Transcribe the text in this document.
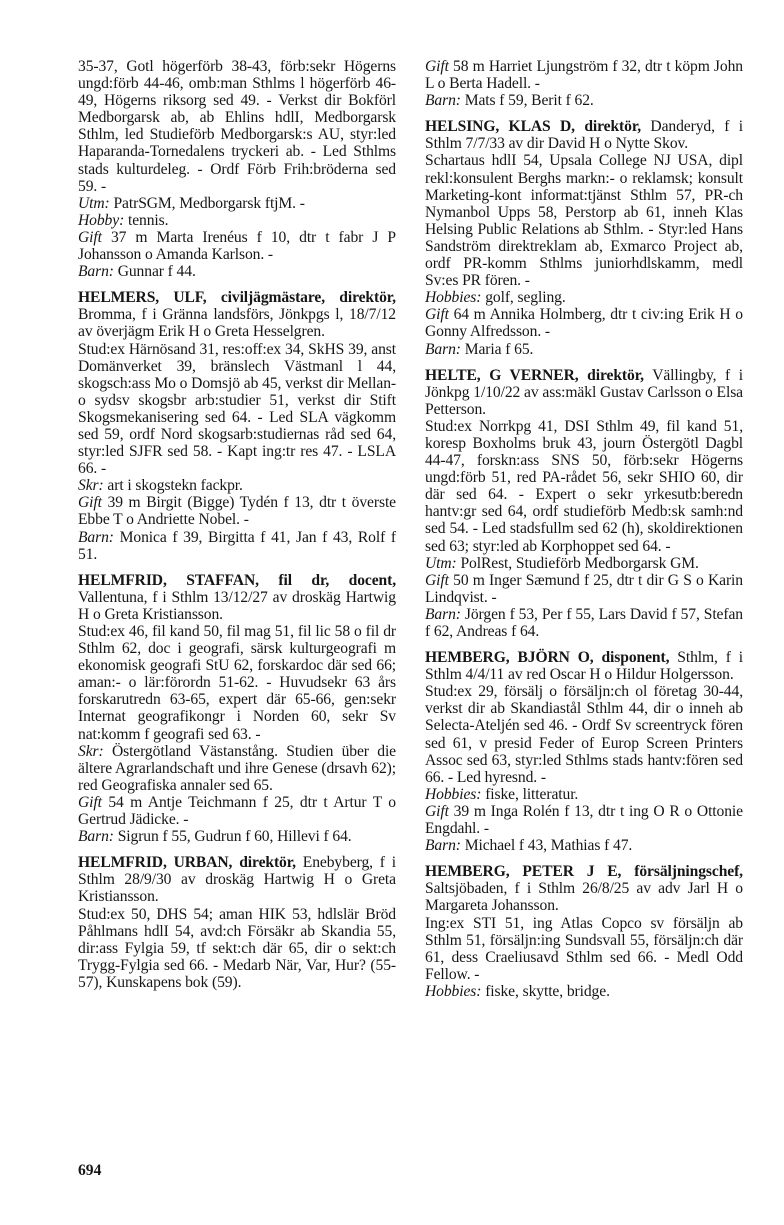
35-37, Gotl högerförb 38-43, förb:sekr Högerns ungd:förb 44-46, omb:man Sthlms l högerförb 46-49, Högerns riksorg sed 49. - Verkst dir Bokförl Medborgarsk ab, ab Ehlins hdlI, Medborgarsk Sthlm, led Studieförb Medborgarsk:s AU, styr:led Haparanda-Tornedalens tryckeri ab. - Led Sthlms stads kulturdeleg. - Ordf Förb Frih:bröderna sed 59. -
Utm: PatrSGM, Medborgarsk ftjM. -
Hobby: tennis.
Gift 37 m Marta Irenéus f 10, dtr t fabr J P Johansson o Amanda Karlson. -
Barn: Gunnar f 44.
HELMERS, ULF, civiljägmästare, direktör, Bromma, f i Gränna landsförs, Jönkpgs l, 18/7/12 av överjägm Erik H o Greta Hesselgren.
Stud:ex Härnösand 31, res:off:ex 34, SkHS 39, anst Domänverket 39, bränslech Västmanl l 44, skogsch:ass Mo o Domsjö ab 45, verkst dir Mellan- o sydsv skogsbr arb:studier 51, verkst dir Stift Skogsmekanisering sed 64. - Led SLA vägkomm sed 59, ordf Nord skogsarb:studiernas råd sed 64, styr:led SJFR sed 58. - Kapt ing:tr res 47. - LSLA 66. -
Skr: art i skogstekn fackpr.
Gift 39 m Birgit (Bigge) Tydén f 13, dtr t överste Ebbe T o Andriette Nobel. -
Barn: Monica f 39, Birgitta f 41, Jan f 43, Rolf f 51.
HELMFRID, STAFFAN, fil dr, docent, Vallentuna, f i Sthlm 13/12/27 av droskäg Hartwig H o Greta Kristiansson.
Stud:ex 46, fil kand 50, fil mag 51, fil lic 58 o fil dr Sthlm 62, doc i geografi, särsk kulturgeografi m ekonomisk geografi StU 62, forskardoc där sed 66; aman:- o lär:förordn 51-62. - Huvudsekr 63 års forskarutredn 63-65, expert där 65-66, gen:sekr Internat geografikongr i Norden 60, sekr Sv nat:komm f geografi sed 63. -
Skr: Östergötland Västanstång. Studien über die ältere Agrarlandschaft und ihre Genese (drsavh 62); red Geografiska annaler sed 65.
Gift 54 m Antje Teichmann f 25, dtr t Artur T o Gertrud Jädicke. -
Barn: Sigrun f 55, Gudrun f 60, Hillevi f 64.
HELMFRID, URBAN, direktör, Enebyberg, f i Sthlm 28/9/30 av droskäg Hartwig H o Greta Kristiansson.
Stud:ex 50, DHS 54; aman HIK 53, hdlslär Bröd Påhlmans hdlI 54, avd:ch Försäkr ab Skandia 55, dir:ass Fylgia 59, tf sekt:ch där 65, dir o sekt:ch Trygg-Fylgia sed 66. - Medarb När, Var, Hur? (55-57), Kunskapens bok (59).
Gift 58 m Harriet Ljungström f 32, dtr t köpm John L o Berta Hadell. -
Barn: Mats f 59, Berit f 62.
HELSING, KLAS D, direktör, Danderyd, f i Sthlm 7/7/33 av dir David H o Nytte Skov.
Schartaus hdlI 54, Upsala College NJ USA, dipl rekl:konsulent Berghs markn:- o reklamsk; konsult Marketing-kont informat:tjänst Sthlm 57, PR-ch Nymanbol Upps 58, Perstorp ab 61, inneh Klas Helsing Public Relations ab Sthlm. - Styr:led Hans Sandström direktreklam ab, Exmarco Project ab, ordf PR-komm Sthlms juniorhdlskamm, medl Sv:es PR fören. -
Hobbies: golf, segling.
Gift 64 m Annika Holmberg, dtr t civ:ing Erik H o Gonny Alfredsson. -
Barn: Maria f 65.
HELTE, G VERNER, direktör, Vällingby, f i Jönkpg 1/10/22 av ass:mäkl Gustav Carlsson o Elsa Petterson.
Stud:ex Norrkpg 41, DSI Sthlm 49, fil kand 51, koresp Boxholms bruk 43, journ Östergötl Dagbl 44-47, forskn:ass SNS 50, förb:sekr Högerns ungd:förb 51, red PA-rådet 56, sekr SHIO 60, dir där sed 64. - Expert o sekr yrkesutb:beredn hantv:gr sed 64, ordf studieförb Medb:sk samh:nd sed 54. - Led stadsfullm sed 62 (h), skoldirektionen sed 63; styr:led ab Korphoppet sed 64. -
Utm: PolRest, Studieförb Medborgarsk GM.
Gift 50 m Inger Sæmund f 25, dtr t dir G S o Karin Lindqvist. -
Barn: Jörgen f 53, Per f 55, Lars David f 57, Stefan f 62, Andreas f 64.
HEMBERG, BJÖRN O, disponent, Sthlm, f i Sthlm 4/4/11 av red Oscar H o Hildur Holgersson.
Stud:ex 29, försälj o försäljn:ch ol företag 30-44, verkst dir ab Skandiastål Sthlm 44, dir o inneh ab Selecta-Ateljén sed 46. - Ordf Sv screentryck fören sed 61, v presid Feder of Europ Screen Printers Assoc sed 63, styr:led Sthlms stads hantv:fören sed 66. - Led hyresnd. -
Hobbies: fiske, litteratur.
Gift 39 m Inga Rolén f 13, dtr t ing O R o Ottonie Engdahl. -
Barn: Michael f 43, Mathias f 47.
HEMBERG, PETER J E, försäljningschef, Saltsjöbaden, f i Sthlm 26/8/25 av adv Jarl H o Margareta Johansson.
Ing:ex STI 51, ing Atlas Copco sv försäljn ab Sthlm 51, försäljn:ing Sundsvall 55, försäljn:ch där 61, dess Craeliusavd Sthlm sed 66. - Medl Odd Fellow. -
Hobbies: fiske, skytte, bridge.
694
